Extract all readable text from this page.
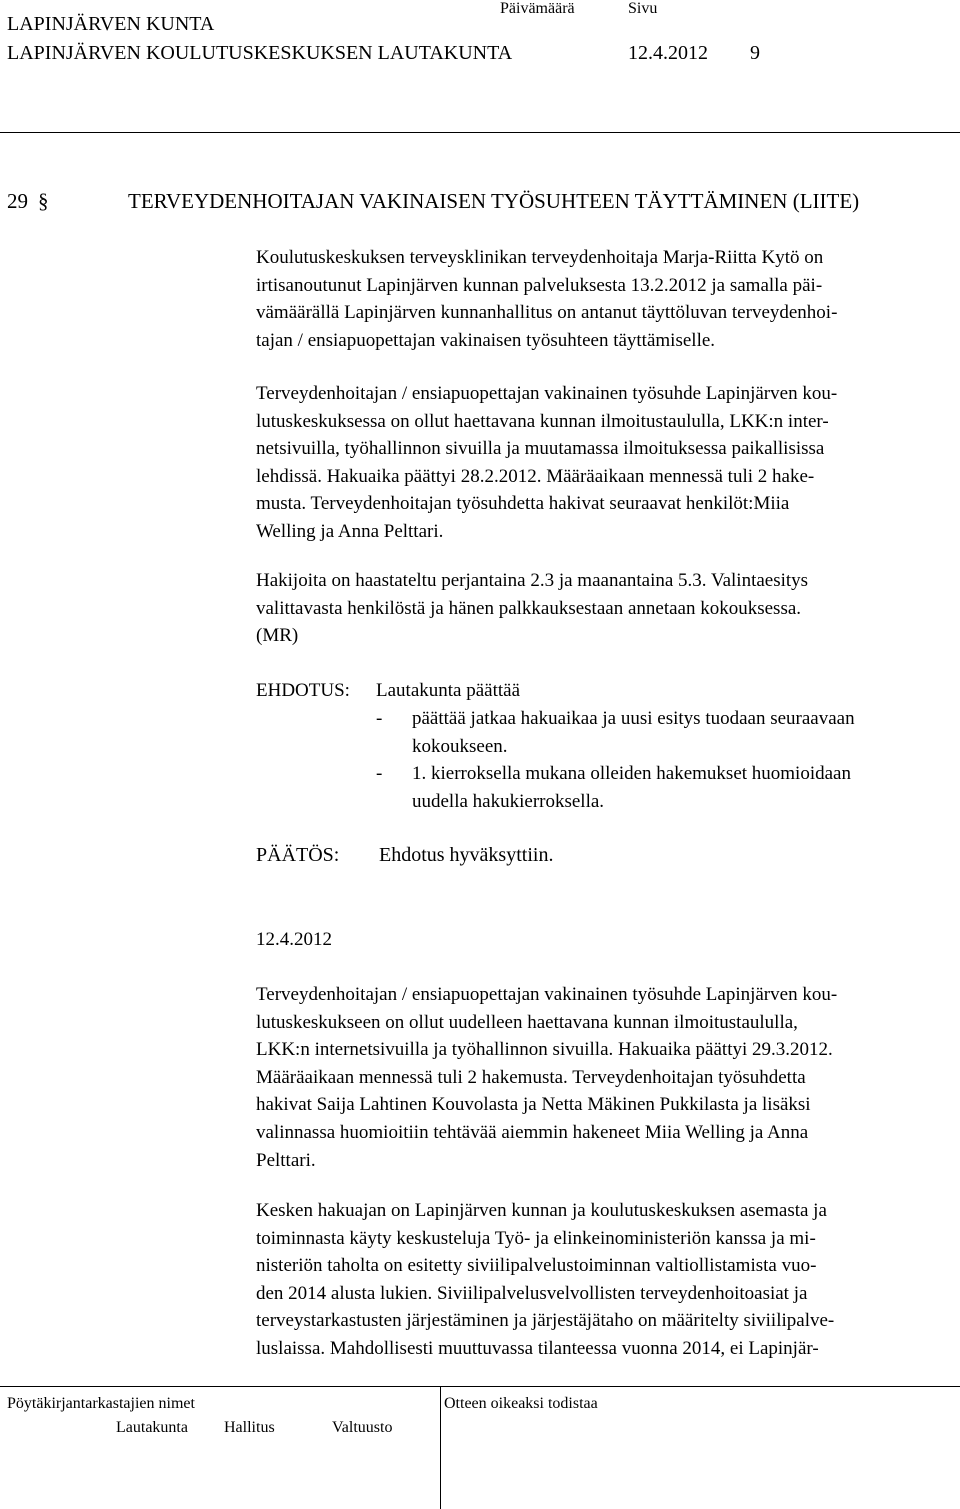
LAPINJÄRVEN KUNTA
Päivämäärä	Sivu
LAPINJÄRVEN KOULUTUSKESKUKSEN LAUTAKUNTA	12.4.2012 9
29 §	TERVEYDENHOITAJAN VAKINAISEN TYÖSUHTEEN TÄYTTÄMINEN (LIITE)
Koulutuskeskuksen terveysklinikan terveydenhoitaja Marja-Riitta Kytö on
irtisanoutunut Lapinjärven kunnan palveluksesta 13.2.2012 ja samalla päi-
vämäärällä Lapinjärven kunnanhallitus on antanut täyttöluvan terveydenhoi-
tajan / ensiapuopettajan vakinaisen työsuhteen täyttämiselle.
Terveydenhoitajan / ensiapuopettajan vakinainen työsuhde Lapinjärven kou-
lutuskeskuksessa on ollut haettavana kunnan ilmoitustaululla, LKK:n inter-
netsivuilla, työhallinnon sivuilla ja muutamassa ilmoituksessa paikallisissa
lehdissä. Hakuaika päättyi 28.2.2012. Määräaikaan mennessä tuli 2 hake-
musta. Terveydenhoitajan työsuhdetta hakivat seuraavat henkilöt:Miia
Welling ja Anna Pelttari.
Hakijoita on haastateltu perjantaina 2.3 ja maanantaina 5.3. Valintaesitys
valittavasta henkilöstä ja hänen palkkauksestaan annetaan kokouksessa.
(MR)
EHDOTUS: Lautakunta päättää
- päättää jatkaa hakuaikaa ja uusi esitys tuodaan seuraavaan
kokoukseen.
- 1. kierroksella mukana olleiden hakemukset huomioidaan
uudella hakukierroksella.
PÄÄTÖS: Ehdotus hyväksyttiin.
12.4.2012
Terveydenhoitajan / ensiapuopettajan vakinainen työsuhde Lapinjärven kou-
lutuskeskukseen on ollut uudelleen haettavana kunnan ilmoitustaululla,
LKK:n internetsivuilla ja työhallinnon sivuilla. Hakuaika päättyi 29.3.2012.
Määräaikaan mennessä tuli 2 hakemusta. Terveydenhoitajan työsuhdetta
hakivat Saija Lahtinen Kouvolasta ja Netta Mäkinen Pukkilasta ja lisäksi
valinnassa huomioitiin tehtävää aiemmin hakeneet Miia Welling ja Anna
Pelttari.
Kesken hakuajan on Lapinjärven kunnan ja koulutuskeskuksen asemasta ja
toiminnasta käyty keskusteluja Työ- ja elinkeinoministeriön kanssa ja mi-
nisteriön taholta on esitetty siviilipalvelustoiminnan valtiollistamista vuo-
den 2014 alusta lukien. Siviilipalvelusvelvollisten terveydenhoitoasiat ja
terveystarkastusten järjestäminen ja järjestäjätaho on määritelty siviilipalve-
luslaissa. Mahdollisesti muuttuvassa tilanteessa vuonna 2014, ei Lapinjär-
Pöytäkirjantarkastajien nimet
Lautakunta Hallitus	Valtuusto
Otteen oikeaksi todistaa
